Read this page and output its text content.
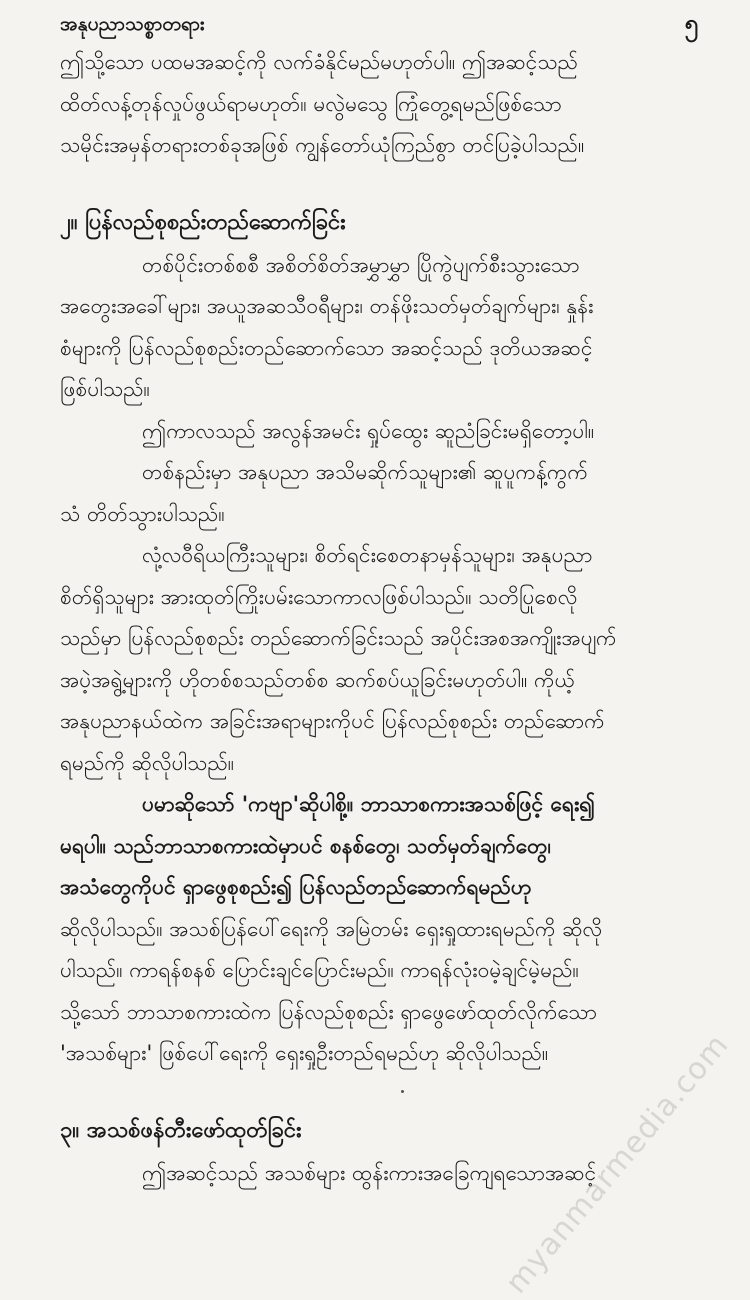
အနုပညာသစ္စာတရား	၅
ဤသို့သော ပထမအဆင့်ကို လက်ခံနိုင်မည်မဟုတ်ပါ။ ဤအဆင့်သည်
ထိတ်လန့်တုန်လှုပ်ဖွယ်ရာမဟုတ်။ မလွဲမသွေ ကြုံတွေ့ရမည်ဖြစ်သော
သမိုင်းအမှန်တရားတစ်ခုအဖြစ် ကျွန်တော်ယုံကြည်စွာ တင်ပြခဲ့ပါသည်။
၂။ ပြန်လည်စုစည်းတည်ဆောက်ခြင်း
တစ်ပိုင်းတစ်စစီ အစိတ်စိတ်အမွှာမွှာ ပြိုကွဲပျက်စီးသွားသော
အတွေးအခေါ်များ၊ အယူအဆသီဝရီများ၊ တန်ဖိုးသတ်မှတ်ချက်များ၊ နှုန်း
စံများကို ပြန်လည်စုစည်းတည်ဆောက်သော အဆင့်သည် ဒုတိယအဆင့်
ဖြစ်ပါသည်။
ဤကာလသည် အလွန်အမင်း ရှုပ်ထွေး ဆူညံခြင်းမရှိတော့ပါ။
တစ်နည်းမှာ အနုပညာ အသိမဆိုက်သူများ၏ ဆူပူကန့်ကွက်
သံ တိတ်သွားပါသည်။
လုံ့လဝီရိယကြီးသူများ၊ စိတ်ရင်းစေတနာမှန်သူများ၊ အနုပညာ
စိတ်ရှိသူများ အားထုတ်ကြိုးပမ်းသောကာလဖြစ်ပါသည်။ သတိပြုစေလို
သည်မှာ ပြန်လည်စုစည်း တည်ဆောက်ခြင်းသည် အပိုင်းအစအကျိုးအပျက်
အပဲ့အရွဲ့များကို ဟိုတစ်စသည်တစ်စ ဆက်စပ်ယူခြင်းမဟုတ်ပါ။ ကိုယ့်
အနုပညာနယ်ထဲက အခြင်းအရာများကိုပင် ပြန်လည်စုစည်း တည်ဆောက်
ရမည်ကို ဆိုလိုပါသည်။
ပမာဆိုသော် 'ကဗျာ'ဆိုပါစို့။ ဘာသာစကားအသစ်ဖြင့် ရေး၍
မရပါ။ သည်ဘာသာစကားထဲမှာပင် စနစ်တွေ၊ သတ်မှတ်ချက်တွေ၊
အသံတွေကိုပင် ရှာဖွေစုစည်း၍ ပြန်လည်တည်ဆောက်ရမည်ဟု
ဆိုလိုပါသည်။ အသစ်ပြန်ပေါ်ရေးကို အမြဲတမ်း ရှေးရှုထားရမည်ကို ဆိုလို
ပါသည်။ ကာရန်စနစ် ပြောင်းချင်ပြောင်းမည်။ ကာရန်လုံးဝမဲ့ချင်မဲ့မည်။
သို့သော် ဘာသာစကားထဲက ပြန်လည်စုစည်း ရှာဖွေဖော်ထုတ်လိုက်သော
'အသစ်များ' ဖြစ်ပေါ်ရေးကို ရှေးရှုဦးတည်ရမည်ဟု ဆိုလိုပါသည်။
၃။ အသစ်ဖန်တီးဖော်ထုတ်ခြင်း
ဤအဆင့်သည် အသစ်များ ထွန်းကားအခြေကျရသောအဆင့်
myanmarmedia.com
